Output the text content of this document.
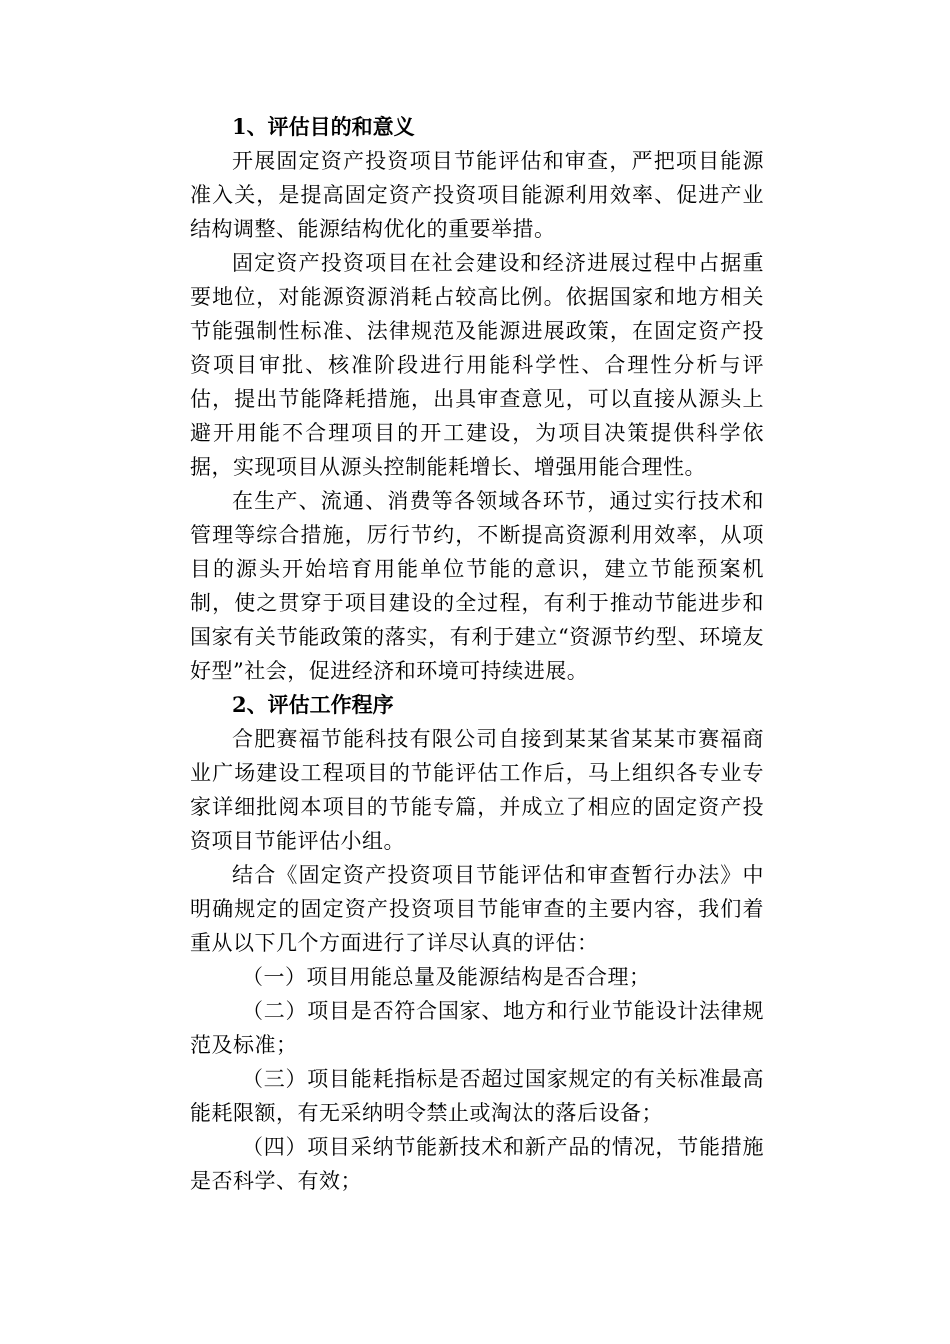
1、评估目的和意义

开展固定资产投资项目节能评估和审查，严把项目能源准入关，是提高固定资产投资项目能源利用效率、促进产业结构调整、能源结构优化的重要举措。

固定资产投资项目在社会建设和经济进展过程中占据重要地位，对能源资源消耗占较高比例。依据国家和地方相关节能强制性标准、法律规范及能源进展政策，在固定资产投资项目审批、核准阶段进行用能科学性、合理性分析与评估，提出节能降耗措施，出具审查意见，可以直接从源头上避开用能不合理项目的开工建设，为项目决策提供科学依据，实现项目从源头控制能耗增长、增强用能合理性。

在生产、流通、消费等各领域各环节，通过实行技术和管理等综合措施，厉行节约，不断提高资源利用效率，从项目的源头开始培育用能单位节能的意识，建立节能预案机制，使之贯穿于项目建设的全过程，有利于推动节能进步和国家有关节能政策的落实，有利于建立“资源节约型、环境友好型”社会，促进经济和环境可持续进展。

2、评估工作程序

合肥赛福节能科技有限公司自接到某某省某某市赛福商业广场建设工程项目的节能评估工作后，马上组织各专业专家详细批阅本项目的节能专篇，并成立了相应的固定资产投资项目节能评估小组。

结合《固定资产投资项目节能评估和审查暂行办法》中明确规定的固定资产投资项目节能审查的主要内容，我们着重从以下几个方面进行了详尽认真的评估：

（一）项目用能总量及能源结构是否合理；

（二）项目是否符合国家、地方和行业节能设计法律规范及标准；

（三）项目能耗指标是否超过国家规定的有关标准最高能耗限额，有无采纳明令禁止或淘汰的落后设备；

（四）项目采纳节能新技术和新产品的情况，节能措施是否科学、有效；
